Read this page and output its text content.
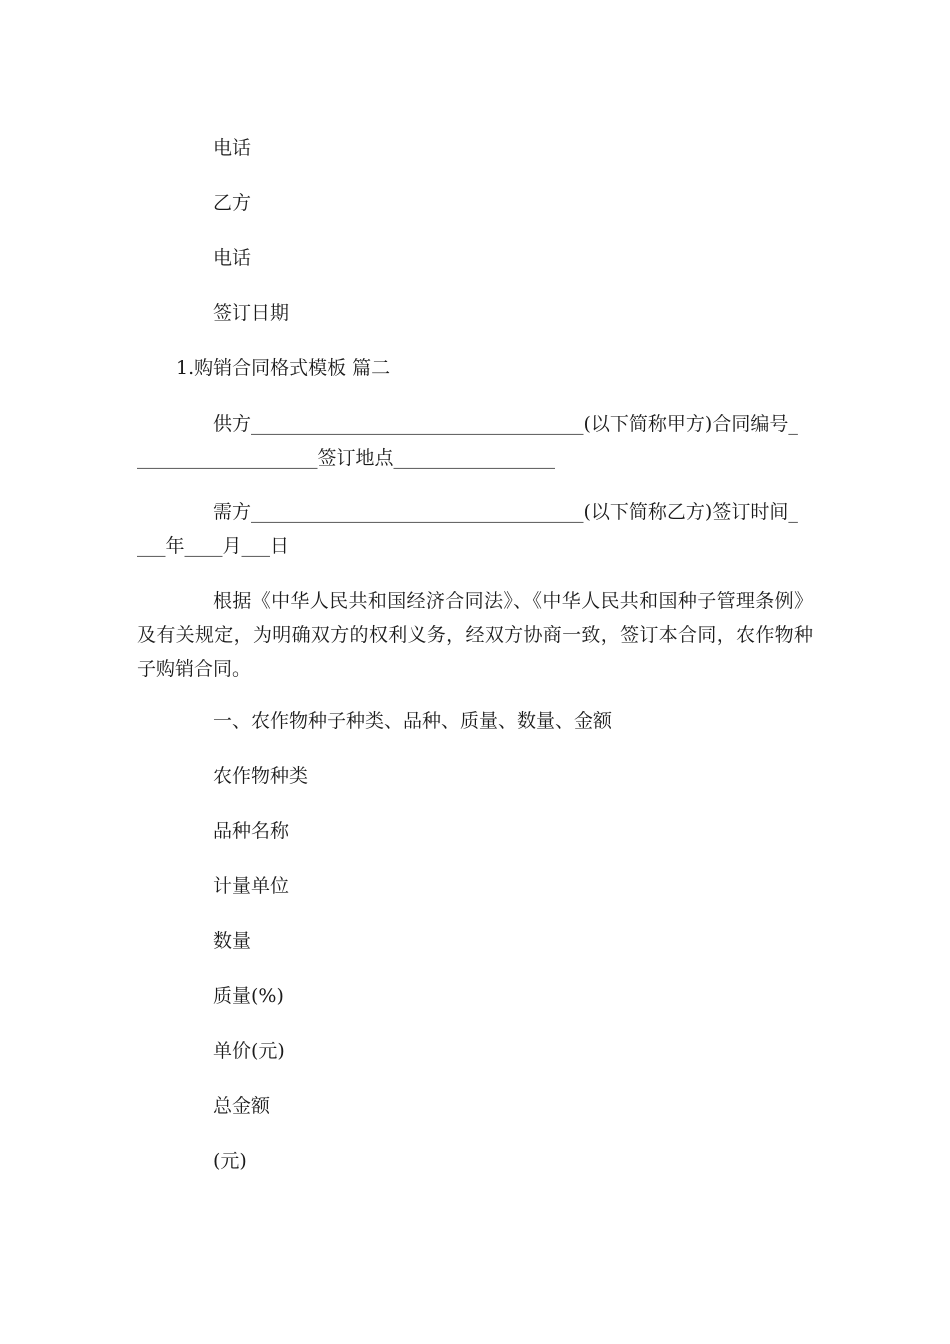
电话
乙方
电话
签订日期
1.购销合同格式模板 篇二
供方___________________________________(以下简称甲方)合同编号_
___________________签订地点_________________
需方___________________________________(以下简称乙方)签订时间_
___年____月___日
根据《中华人民共和国经济合同法》、《中华人民共和国种子管理条例》及有关规定，为明确双方的权利义务，经双方协商一致，签订本合同，农作物种子购销合同。
一、农作物种子种类、品种、质量、数量、金额
农作物种类
品种名称
计量单位
数量
质量(%)
单价(元)
总金额
(元)
